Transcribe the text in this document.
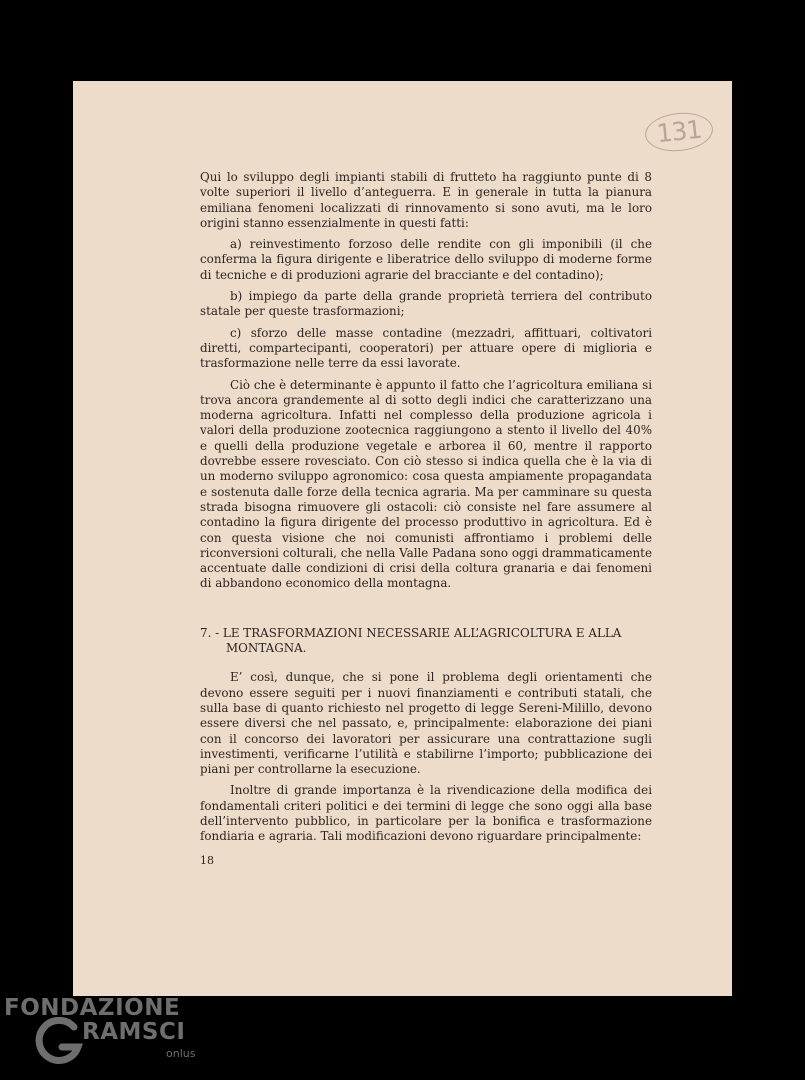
131

Qui lo sviluppo degli impianti stabili di frutteto ha raggiunto punte di 8 volte superiori il livello d’anteguerra. E in generale in tutta la pianura emiliana fenomeni localizzati di rinnovamento si sono avuti, ma le loro origini stanno essenzialmente in questi fatti:

a) reinvestimento forzoso delle rendite con gli imponibili (il che conferma la figura dirigente e liberatrice dello sviluppo di moderne forme di tecniche e di produzioni agrarie del bracciante e del contadino);

b) impiego da parte della grande proprietà terriera del contributo statale per queste trasformazioni;

c) sforzo delle masse contadine (mezzadri, affittuari, coltivatori diretti, compartecipanti, cooperatori) per attuare opere di miglioria e trasformazione nelle terre da essi lavorate.

Ciò che è determinante è appunto il fatto che l’agricoltura emiliana si trova ancora grandemente al di sotto degli indici che caratterizzano una moderna agricoltura. Infatti nel complesso della produzione agricola i valori della produzione zootecnica raggiungono a stento il livello del 40% e quelli della produzione vegetale e arborea il 60, mentre il rapporto dovrebbe essere rovesciato. Con ciò stesso si indica quella che è la via di un moderno sviluppo agronomico: cosa questa ampiamente propagandata e sostenuta dalle forze della tecnica agraria. Ma per camminare su questa strada bisogna rimuovere gli ostacoli: ciò consiste nel fare assumere al contadino la figura dirigente del processo produttivo in agricoltura. Ed è con questa visione che noi comunisti affrontiamo i problemi delle riconversioni colturali, che nella Valle Padana sono oggi drammaticamente accentuate dalle condizioni di crisi della coltura granaria e dai fenomeni di abbandono economico della montagna.

7. - LE TRASFORMAZIONI NECESSARIE ALL’AGRICOLTURA E ALLA MONTAGNA.

E’ così, dunque, che si pone il problema degli orientamenti che devono essere seguiti per i nuovi finanziamenti e contributi statali, che sulla base di quanto richiesto nel progetto di legge Sereni-Milillo, devono essere diversi che nel passato, e, principalmente: elaborazione dei piani con il concorso dei lavoratori per assicurare una contrattazione sugli investimenti, verificarne l’utilità e stabilirne l’importo; pubblicazione dei piani per controllarne la esecuzione.

Inoltre di grande importanza è la rivendicazione della modifica dei fondamentali criteri politici e dei termini di legge che sono oggi alla base dell’intervento pubblico, in particolare per la bonifica e trasformazione fondiaria e agraria. Tali modificazioni devono riguardare principalmente:

18
FONDAZIONE
RAMSCI
onlus
